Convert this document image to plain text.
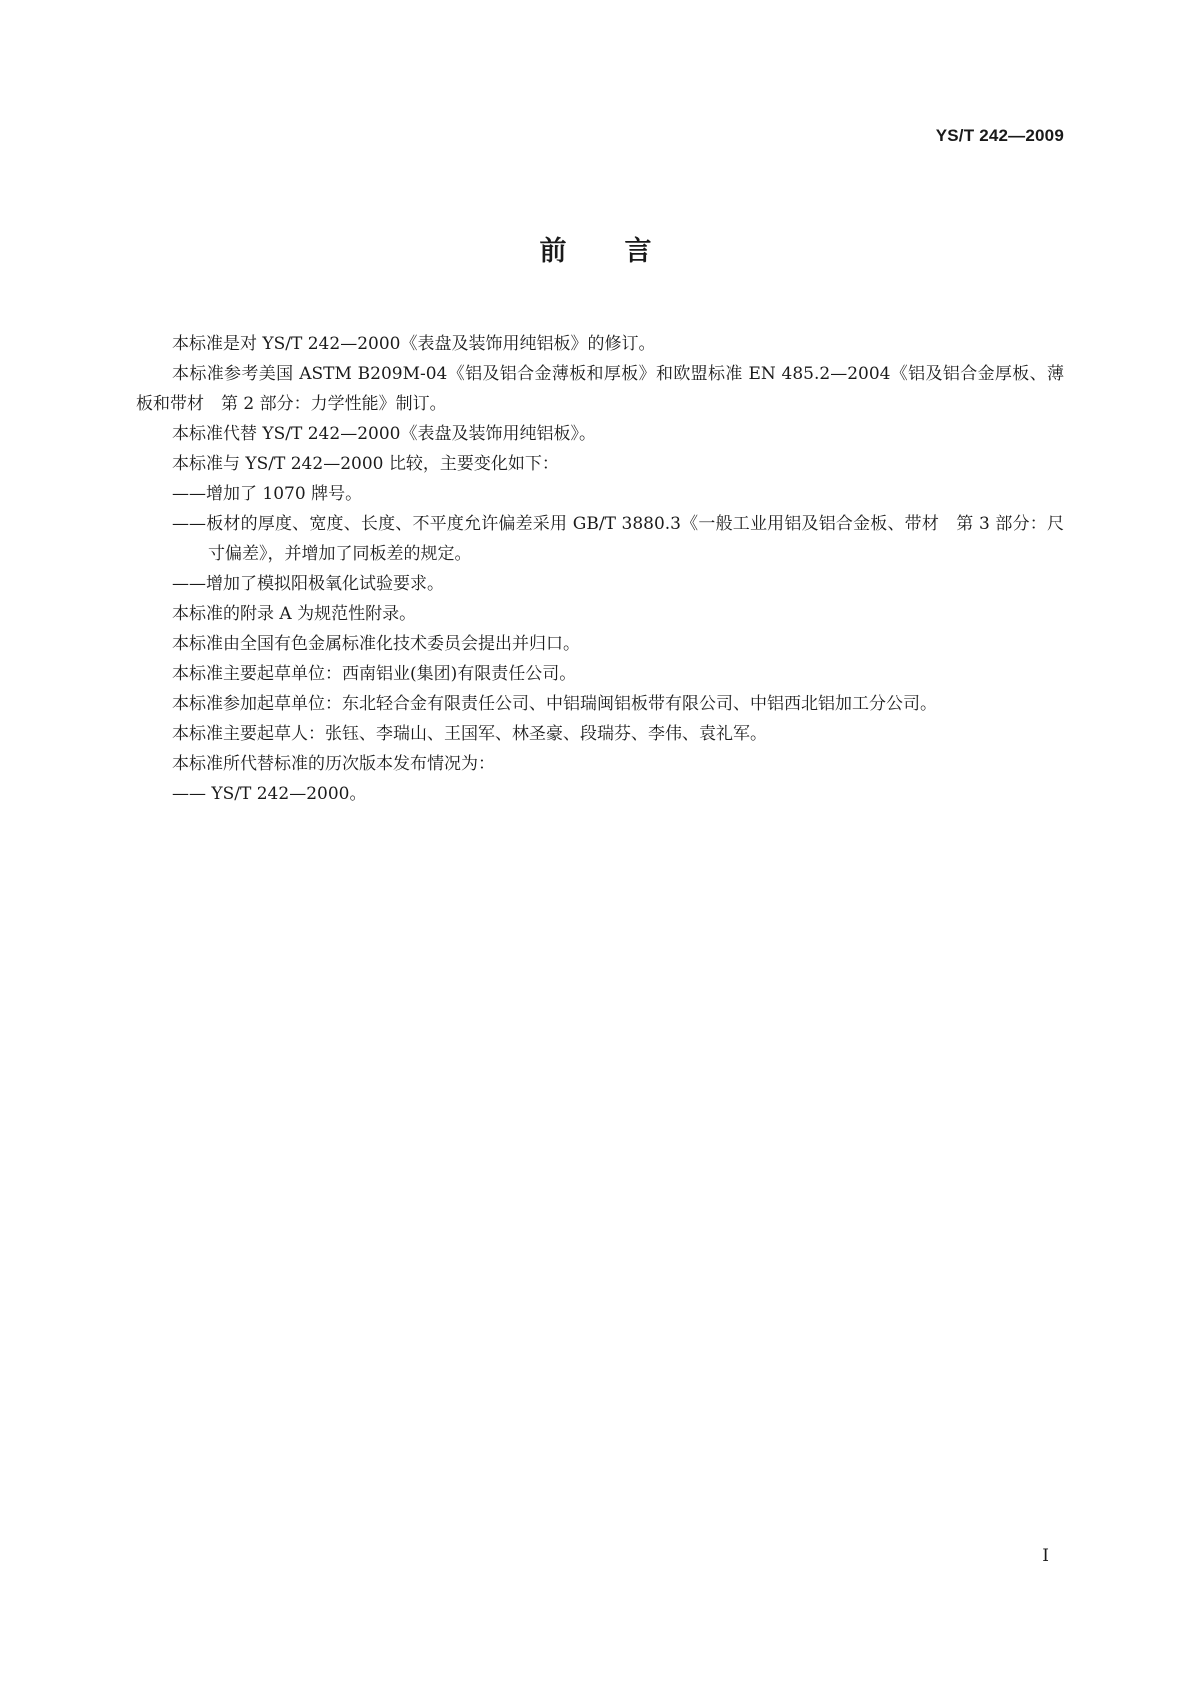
YS/T 242—2009
前言

本标准是对 YS/T 242—2000《表盘及装饰用纯铝板》的修订。

本标准参考美国 ASTM B209M-04《铝及铝合金薄板和厚板》和欧盟标准 EN 485.2—2004《铝及铝合金厚板、薄板和带材　第 2 部分：力学性能》制订。

本标准代替 YS/T 242—2000《表盘及装饰用纯铝板》。

本标准与 YS/T 242—2000 比较，主要变化如下：

——增加了 1070 牌号。

——板材的厚度、宽度、长度、不平度允许偏差采用 GB/T 3880.3《一般工业用铝及铝合金板、带材　第 3 部分：尺寸偏差》，并增加了同板差的规定。

——增加了模拟阳极氧化试验要求。

本标准的附录 A 为规范性附录。

本标准由全国有色金属标准化技术委员会提出并归口。

本标准主要起草单位：西南铝业(集团)有限责任公司。

本标准参加起草单位：东北轻合金有限责任公司、中铝瑞闽铝板带有限公司、中铝西北铝加工分公司。

本标准主要起草人：张钰、李瑞山、王国军、林圣豪、段瑞芬、李伟、袁礼军。

本标准所代替标准的历次版本发布情况为：

—— YS/T 242—2000。

I
